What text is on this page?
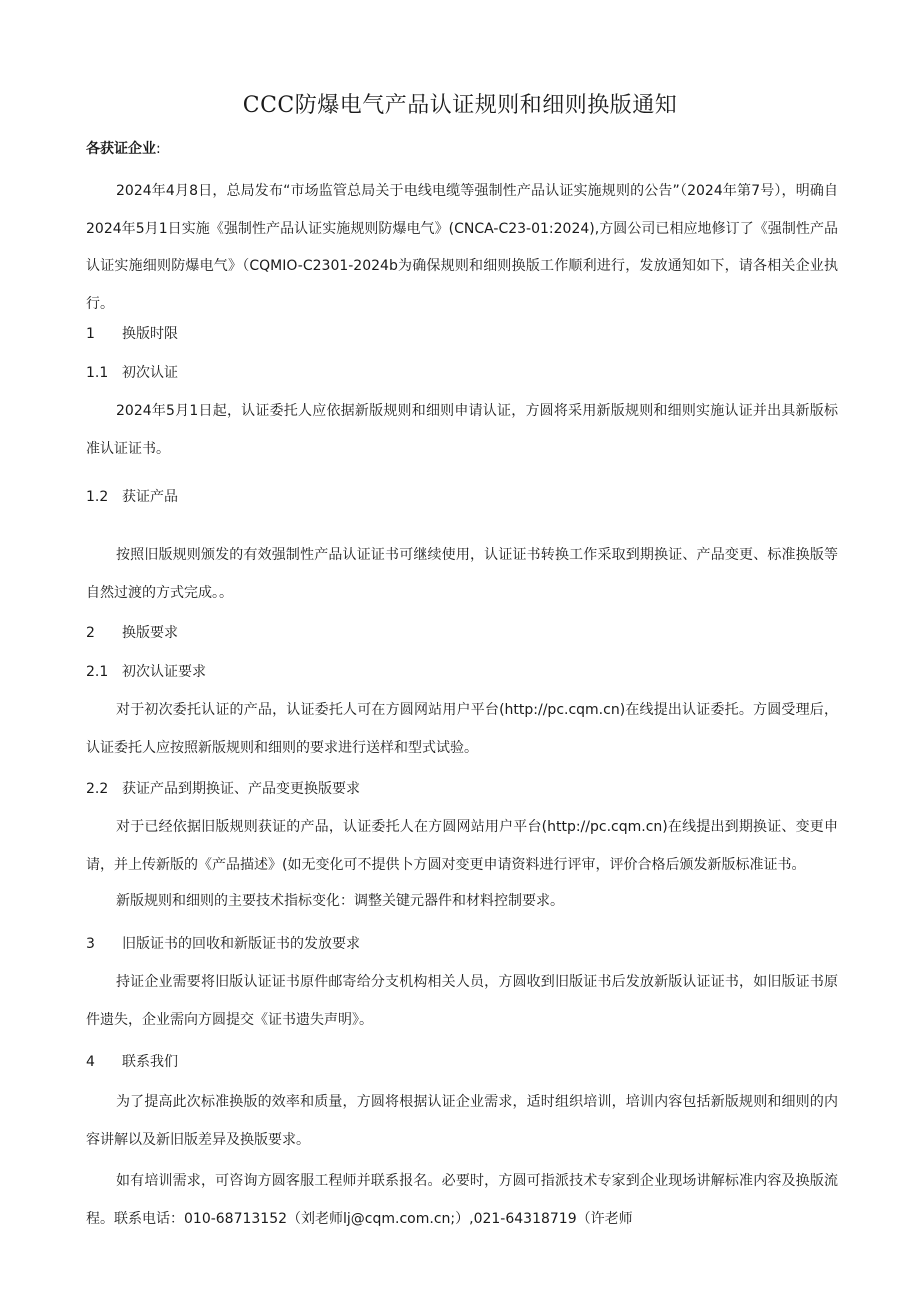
CCC防爆电气产品认证规则和细则换版通知
各获证企业:
2024年4月8日，总局发布“市场监管总局关于电线电缆等强制性产品认证实施规则的公告”（2024年第7号），明确自2024年5月1日实施《强制性产品认证实施规则防爆电气》(CNCA-C23-01:2024),方圆公司已相应地修订了《强制性产品认证实施细则防爆电气》（CQMIO-C2301-2024b为确保规则和细则换版工作顺利进行，发放通知如下，请各相关企业执行。
1 换版时限
1.1 初次认证
2024年5月1日起，认证委托人应依据新版规则和细则申请认证，方圆将采用新版规则和细则实施认证并出具新版标准认证证书。
1.2 获证产品
按照旧版规则颁发的有效强制性产品认证证书可继续使用，认证证书转换工作采取到期换证、产品变更、标准换版等自然过渡的方式完成。。
2 换版要求
2.1 初次认证要求
对于初次委托认证的产品，认证委托人可在方圆网站用户平台(http://pc.cqm.cn)在线提出认证委托。方圆受理后，认证委托人应按照新版规则和细则的要求进行送样和型式试验。
2.2 获证产品到期换证、产品变更换版要求
对于已经依据旧版规则获证的产品，认证委托人在方圆网站用户平台(http://pc.cqm.cn)在线提出到期换证、变更申请，并上传新版的《产品描述》(如无变化可不提供卜方圆对变更申请资料进行评审，评价合格后颁发新版标准证书。
新版规则和细则的主要技术指标变化：调整关键元器件和材料控制要求。
3 旧版证书的回收和新版证书的发放要求
持证企业需要将旧版认证证书原件邮寄给分支机构相关人员，方圆收到旧版证书后发放新版认证证书，如旧版证书原件遗失，企业需向方圆提交《证书遗失声明》。
4 联系我们
为了提高此次标准换版的效率和质量，方圆将根据认证企业需求，适时组织培训，培训内容包括新版规则和细则的内容讲解以及新旧版差异及换版要求。
如有培训需求，可咨询方圆客服工程师并联系报名。必要时，方圆可指派技术专家到企业现场讲解标准内容及换版流程。联系电话：010-68713152（刘老师lj@cqm.com.cn;）,021-64318719（许老师
